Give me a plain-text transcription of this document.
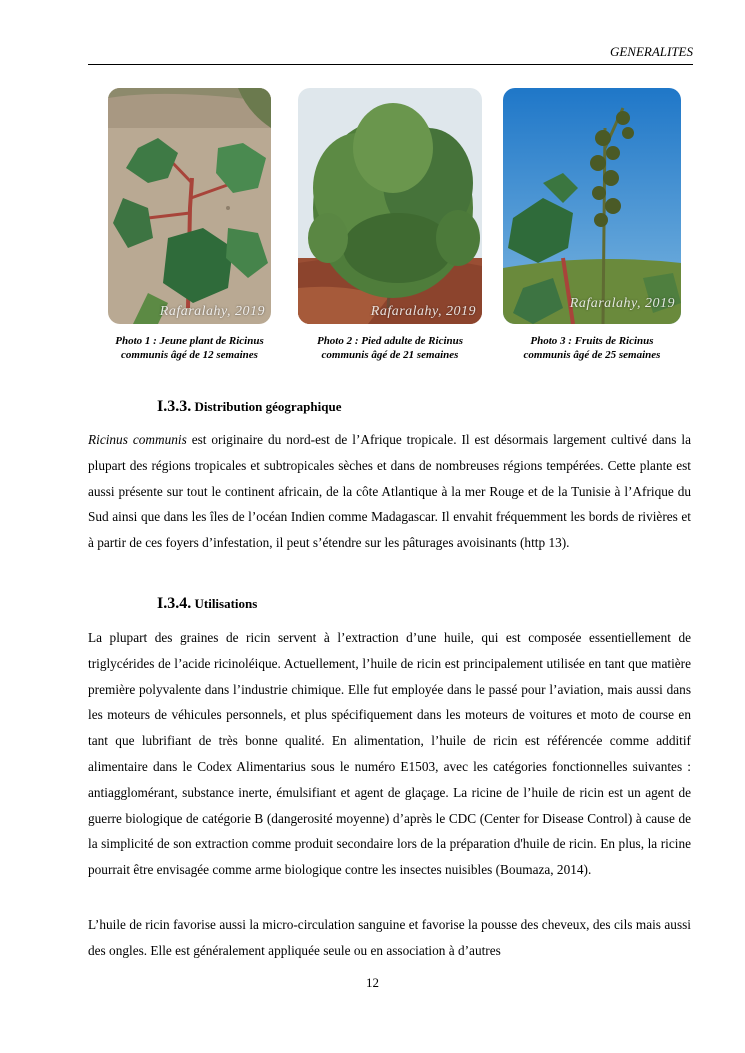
GENERALITES
Rafaralahy, 2019	Rafaralahy, 2019
Rafaralahy, 2019
Photo 1 : Jeune plant de Ricinus
communis âgé de 12 semaines
Photo 2 : Pied adulte de Ricinus
communis âgé de 21 semaines
Photo 3 : Fruits de Ricinus
communis âgé de 25 semaines
I.3.3. Distribution géographique

Ricinus communis est originaire du nord-est de l’Afrique tropicale. Il est désormais largement cultivé dans la plupart des régions tropicales et subtropicales sèches et dans de nombreuses régions tempérées. Cette plante est aussi présente sur tout le continent africain, de la côte Atlantique à la mer Rouge et de la Tunisie à l’Afrique du Sud ainsi que dans les îles de l’océan Indien comme Madagascar. Il envahit fréquemment les bords de rivières et à partir de ces foyers d’infestation, il peut s’étendre sur les pâturages avoisinants (http 13).

I.3.4. Utilisations

La plupart des graines de ricin servent à l’extraction d’une huile, qui est composée essentiellement de triglycérides de l’acide ricinoléique. Actuellement, l’huile de ricin est principalement utilisée en tant que matière première polyvalente dans l’industrie chimique. Elle fut employée dans le passé pour l’aviation, mais aussi dans les moteurs de véhicules personnels, et plus spécifiquement dans les moteurs de voitures et moto de course en tant que lubrifiant de très bonne qualité. En alimentation, l’huile de ricin est référencée comme additif alimentaire dans le Codex Alimentarius sous le numéro E1503, avec les catégories fonctionnelles suivantes : antiagglomérant, substance inerte, émulsifiant et agent de glaçage. La ricine de l’huile de ricin est un agent de guerre biologique de catégorie B (dangerosité moyenne) d’après le CDC (Center for Disease Control) à cause de la simplicité de son extraction comme produit secondaire lors de la préparation d'huile de ricin. En plus, la ricine pourrait être envisagée comme arme biologique contre les insectes nuisibles (Boumaza, 2014).

L’huile de ricin favorise aussi la micro-circulation sanguine et favorise la pousse des cheveux, des cils mais aussi des ongles. Elle est généralement appliquée seule ou en association à d’autres

12
